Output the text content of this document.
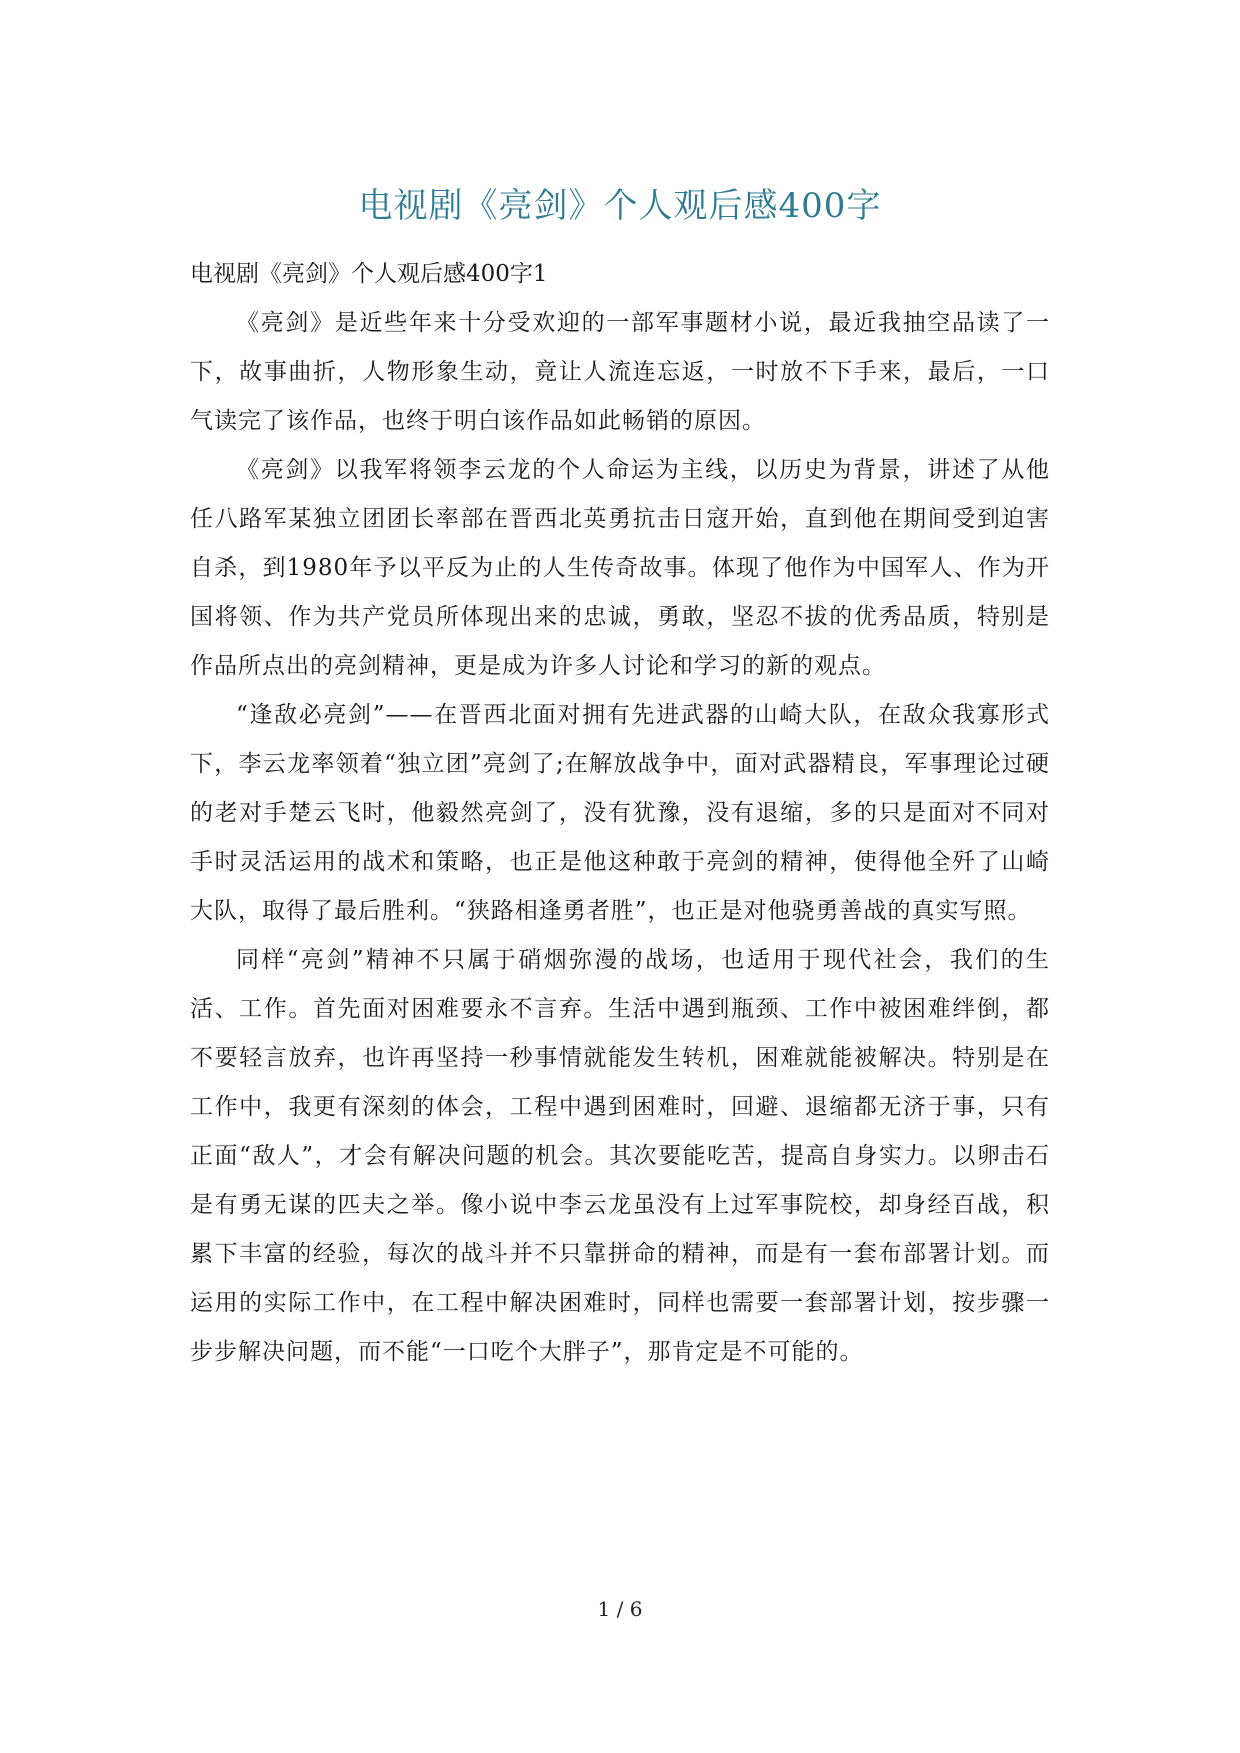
电视剧《亮剑》个人观后感400字

电视剧《亮剑》个人观后感400字1

《亮剑》是近些年来十分受欢迎的一部军事题材小说，最近我抽空品读了一下，故事曲折，人物形象生动，竟让人流连忘返，一时放不下手来，最后，一口气读完了该作品，也终于明白该作品如此畅销的原因。

《亮剑》以我军将领李云龙的个人命运为主线，以历史为背景，讲述了从他任八路军某独立团团长率部在晋西北英勇抗击日寇开始，直到他在期间受到迫害自杀，到1980年予以平反为止的人生传奇故事。体现了他作为中国军人、作为开国将领、作为共产党员所体现出来的忠诚，勇敢，坚忍不拔的优秀品质，特别是作品所点出的亮剑精神，更是成为许多人讨论和学习的新的观点。

“逢敌必亮剑”——在晋西北面对拥有先进武器的山崎大队，在敌众我寡形式下，李云龙率领着“独立团”亮剑了;在解放战争中，面对武器精良，军事理论过硬的老对手楚云飞时，他毅然亮剑了，没有犹豫，没有退缩，多的只是面对不同对手时灵活运用的战术和策略，也正是他这种敢于亮剑的精神，使得他全歼了山崎大队，取得了最后胜利。“狭路相逢勇者胜”，也正是对他骁勇善战的真实写照。

同样“亮剑”精神不只属于硝烟弥漫的战场，也适用于现代社会，我们的生活、工作。首先面对困难要永不言弃。生活中遇到瓶颈、工作中被困难绊倒，都不要轻言放弃，也许再坚持一秒事情就能发生转机，困难就能被解决。特别是在工作中，我更有深刻的体会，工程中遇到困难时，回避、退缩都无济于事，只有正面“敌人”，才会有解决问题的机会。其次要能吃苦，提高自身实力。以卵击石是有勇无谋的匹夫之举。像小说中李云龙虽没有上过军事院校，却身经百战，积累下丰富的经验，每次的战斗并不只靠拼命的精神，而是有一套布部署计划。而运用的实际工作中，在工程中解决困难时，同样也需要一套部署计划，按步骤一步步解决问题，而不能“一口吃个大胖子”，那肯定是不可能的。

1 / 6
